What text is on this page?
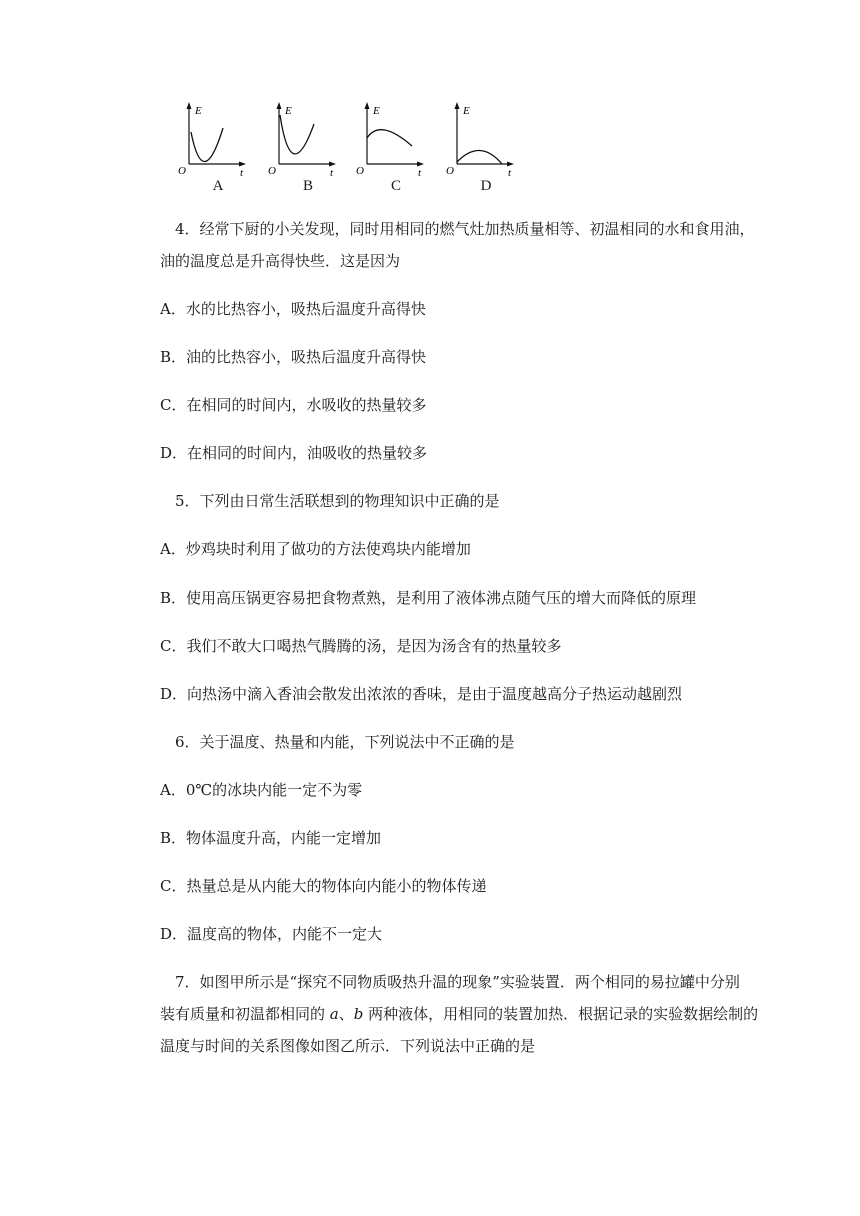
E
t
O
A
E
t
O
B
E
t
O
C
E
t
O
D
4．经常下厨的小关发现，同时用相同的燃气灶加热质量相等、初温相同的水和食用油，
油的温度总是升高得快些．这是因为
A．水的比热容小，吸热后温度升高得快
B．油的比热容小，吸热后温度升高得快
C．在相同的时间内，水吸收的热量较多
D．在相同的时间内，油吸收的热量较多
5．下列由日常生活联想到的物理知识中正确的是
A．炒鸡块时利用了做功的方法使鸡块内能增加
B．使用高压锅更容易把食物煮熟，是利用了液体沸点随气压的增大而降低的原理
C．我们不敢大口喝热气腾腾的汤，是因为汤含有的热量较多
D．向热汤中滴入香油会散发出浓浓的香味，是由于温度越高分子热运动越剧烈
6．关于温度、热量和内能，下列说法中不正确的是
A．0℃的冰块内能一定不为零
B．物体温度升高，内能一定增加
C．热量总是从内能大的物体向内能小的物体传递
D．温度高的物体，内能不一定大
7．如图甲所示是“探究不同物质吸热升温的现象”实验装置．两个相同的易拉罐中分别
装有质量和初温都相同的 a、b 两种液体，用相同的装置加热．根据记录的实验数据绘制的
温度与时间的关系图像如图乙所示．下列说法中正确的是
